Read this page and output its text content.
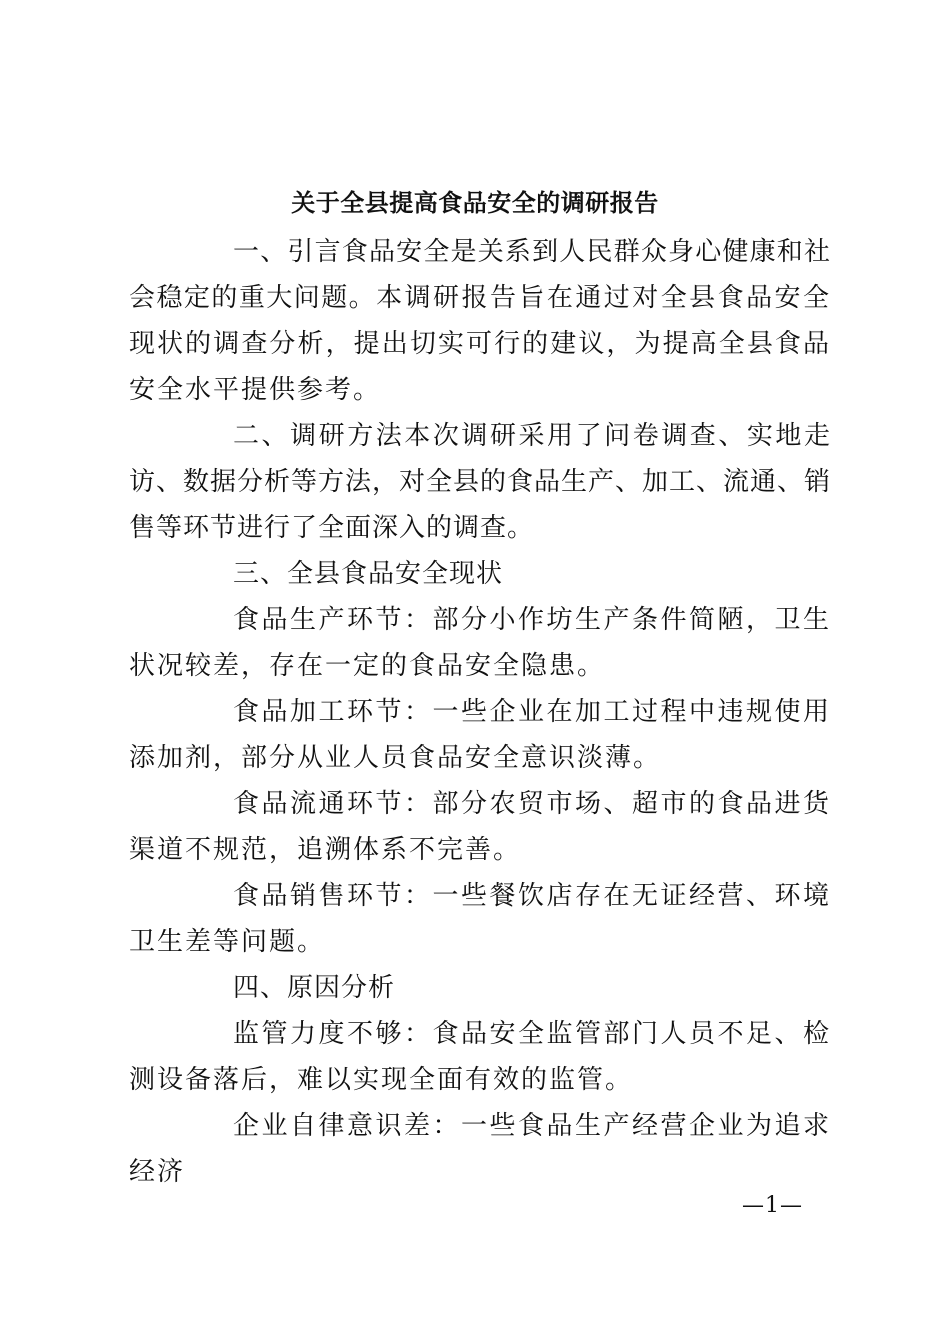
关于全县提高食品安全的调研报告

一、引言食品安全是关系到人民群众身心健康和社会稳定的重大问题。本调研报告旨在通过对全县食品安全现状的调查分析，提出切实可行的建议，为提高全县食品安全水平提供参考。

二、调研方法本次调研采用了问卷调查、实地走访、数据分析等方法，对全县的食品生产、加工、流通、销售等环节进行了全面深入的调查。

三、全县食品安全现状

食品生产环节：部分小作坊生产条件简陋，卫生状况较差，存在一定的食品安全隐患。

食品加工环节：一些企业在加工过程中违规使用添加剂，部分从业人员食品安全意识淡薄。

食品流通环节：部分农贸市场、超市的食品进货渠道不规范，追溯体系不完善。

食品销售环节：一些餐饮店存在无证经营、环境卫生差等问题。

四、原因分析

监管力度不够：食品安全监管部门人员不足、检测设备落后，难以实现全面有效的监管。

企业自律意识差：一些食品生产经营企业为追求经济

—1—
